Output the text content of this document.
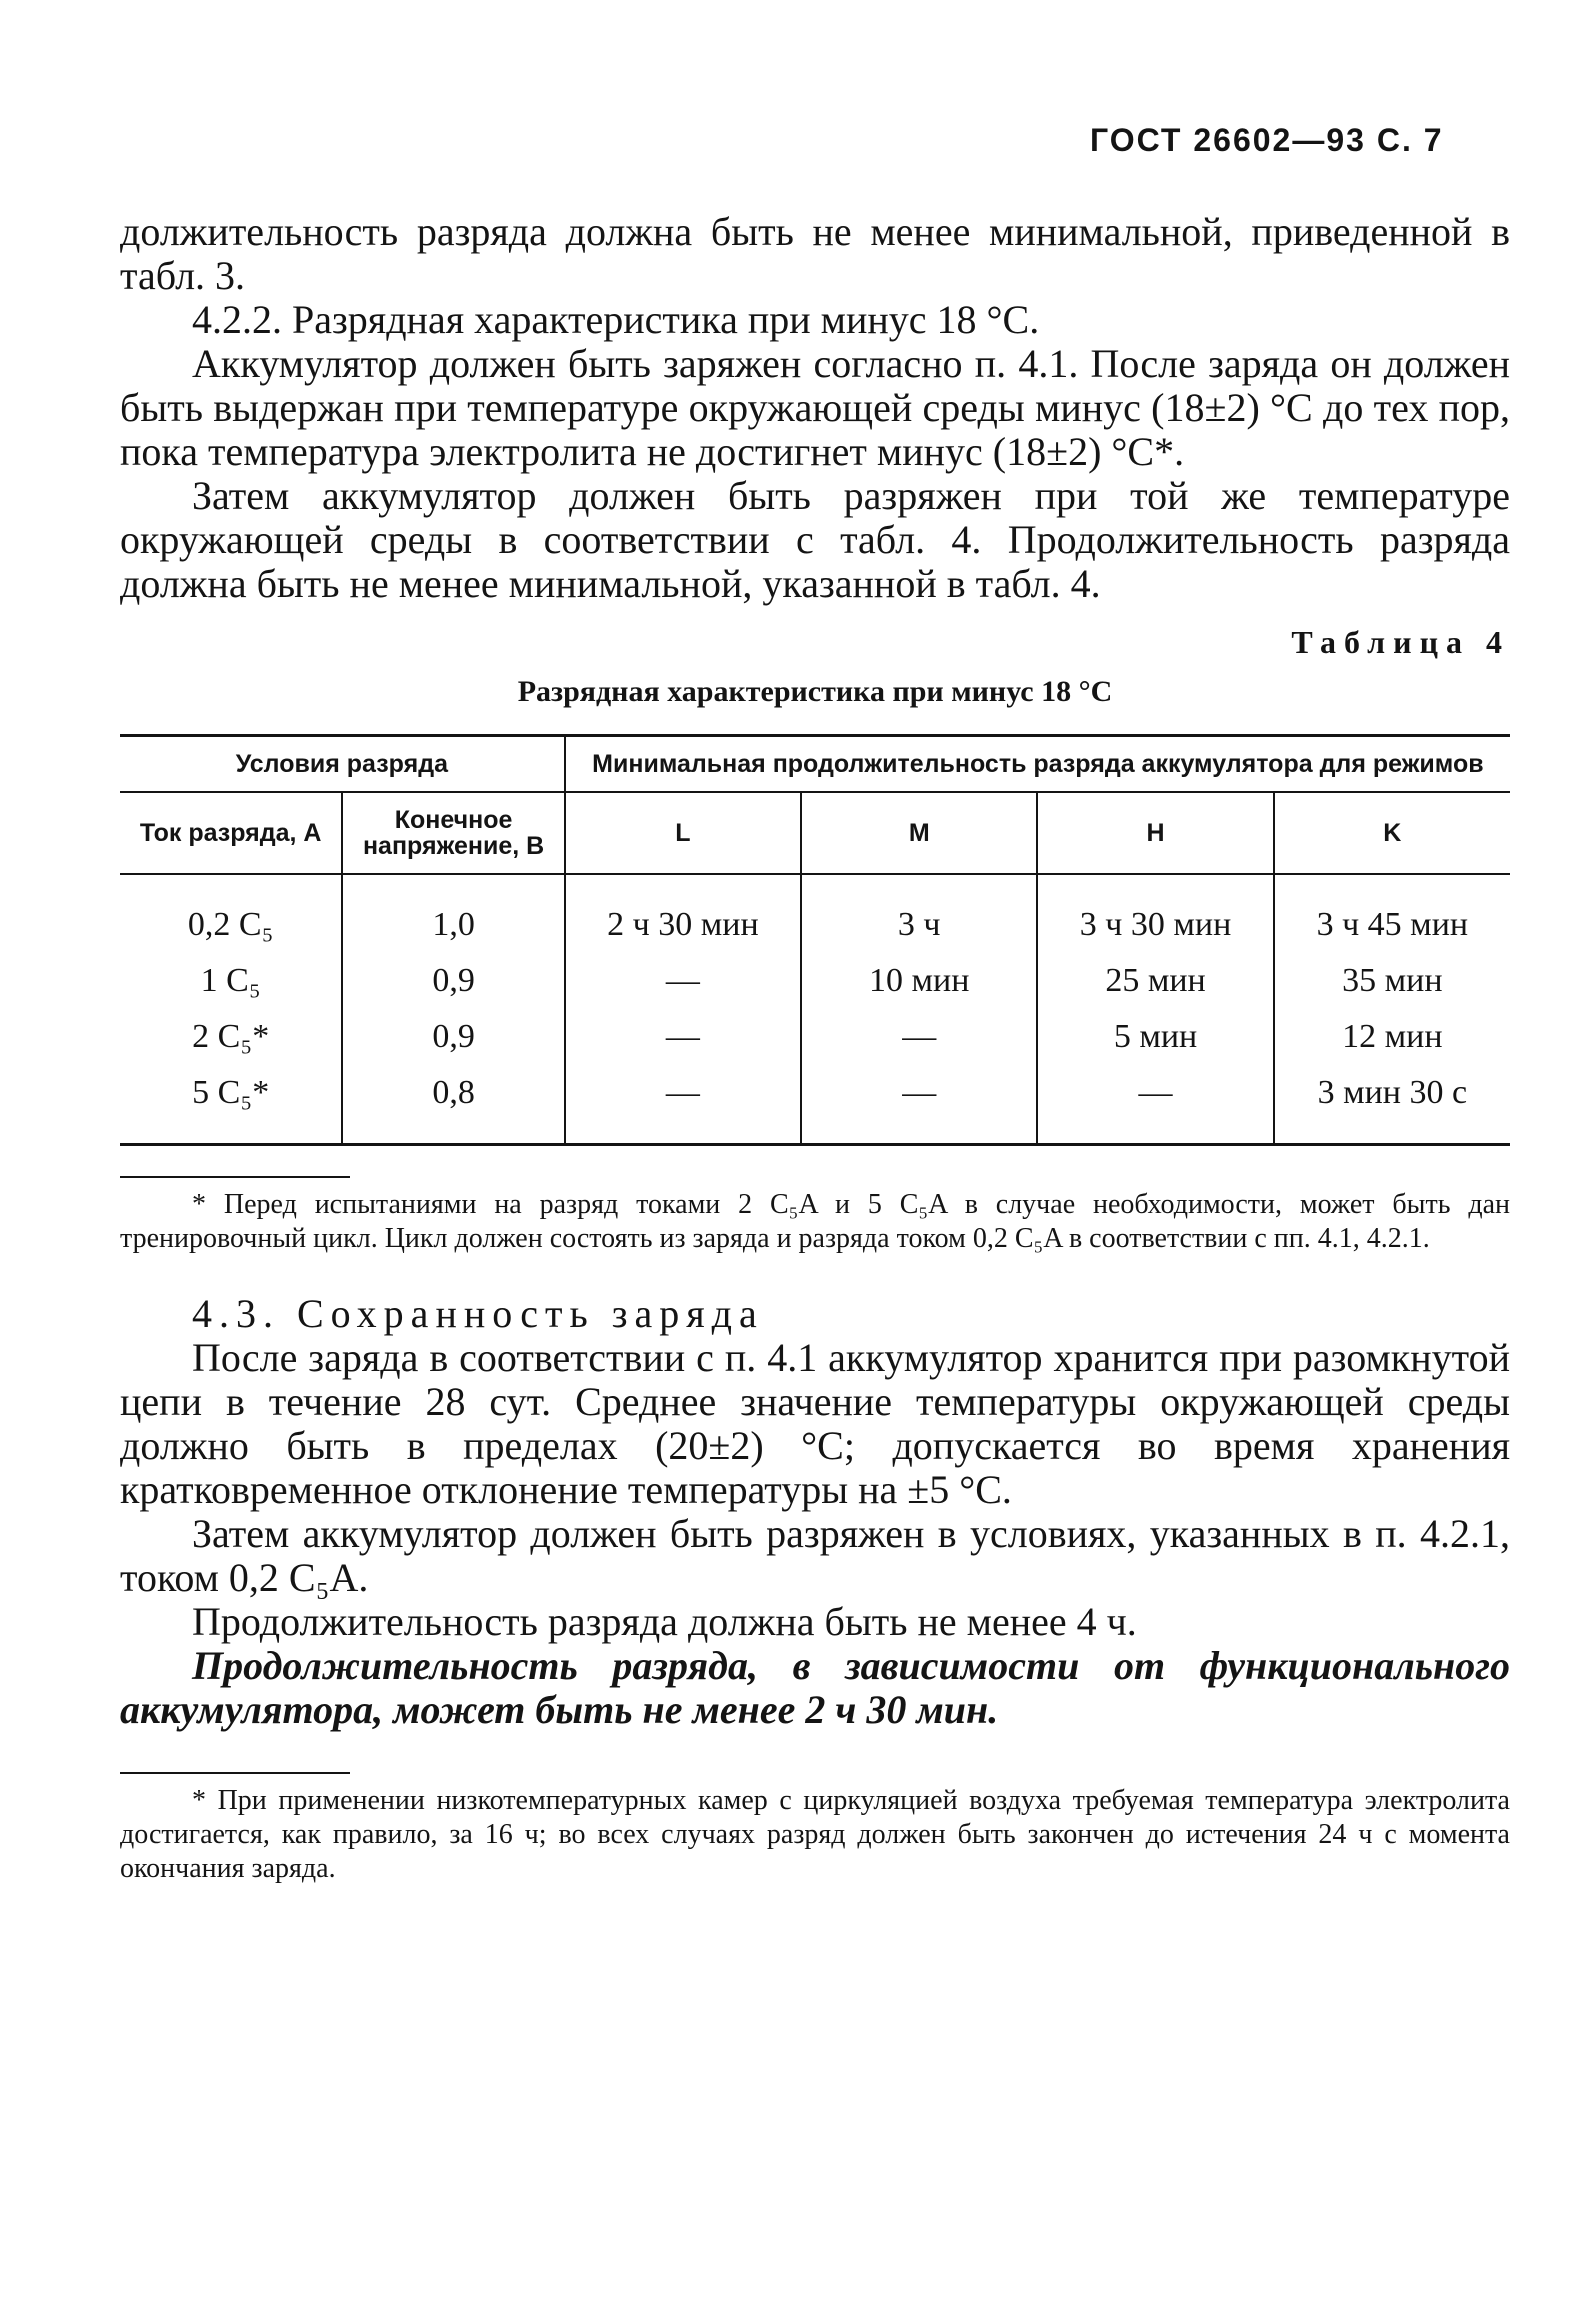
ГОСТ 26602—93 С. 7

должительность разряда должна быть не менее минимальной, приведенной в табл. 3.

4.2.2. Разрядная характеристика при минус 18 °С.

Аккумулятор должен быть заряжен согласно п. 4.1. После заряда он должен быть выдержан при температуре окружающей среды минус (18±2) °С до тех пор, пока температура электролита не достигнет минус (18±2) °С*.

Затем аккумулятор должен быть разряжен при той же температуре окружающей среды в соответствии с табл. 4. Продолжительность разряда должна быть не менее минимальной, указанной в табл. 4.

Таблица 4
Разрядная характеристика при минус 18 °С
Условия разряда		Минимальная продолжительность разряда аккумулятора для режимов			
Ток разряда, А	Конечное напряжение, В	L	M	H	K
0,2 C₅	1,0	2 ч 30 мин	3 ч	3 ч 30 мин	3 ч 45 мин
1 C₅	0,9	—	10 мин	25 мин	35 мин
2 C₅*	0,9	—	—	5 мин	12 мин
5 C₅*	0,8	—	—	—	3 мин 30 с

* Перед испытаниями на разряд токами 2 C₅A и 5 C₅A в случае необходимости, может быть дан тренировочный цикл. Цикл должен состоять из заряда и разряда током 0,2 C₅A в соответствии с пп. 4.1, 4.2.1.

4.3. Сохранность заряда

После заряда в соответствии с п. 4.1 аккумулятор хранится при разомкнутой цепи в течение 28 сут. Среднее значение температуры окружающей среды должно быть в пределах (20±2) °С; допускается во время хранения кратковременное отклонение температуры на ±5 °С.

Затем аккумулятор должен быть разряжен в условиях, указанных в п. 4.2.1, током 0,2 C₅A.

Продолжительность разряда должна быть не менее 4 ч.

Продолжительность разряда, в зависимости от функционального аккумулятора, может быть не менее 2 ч 30 мин.

* При применении низкотемпературных камер с циркуляцией воздуха требуемая температура электролита достигается, как правило, за 16 ч; во всех случаях разряд должен быть закончен до истечения 24 ч с момента окончания заряда.
